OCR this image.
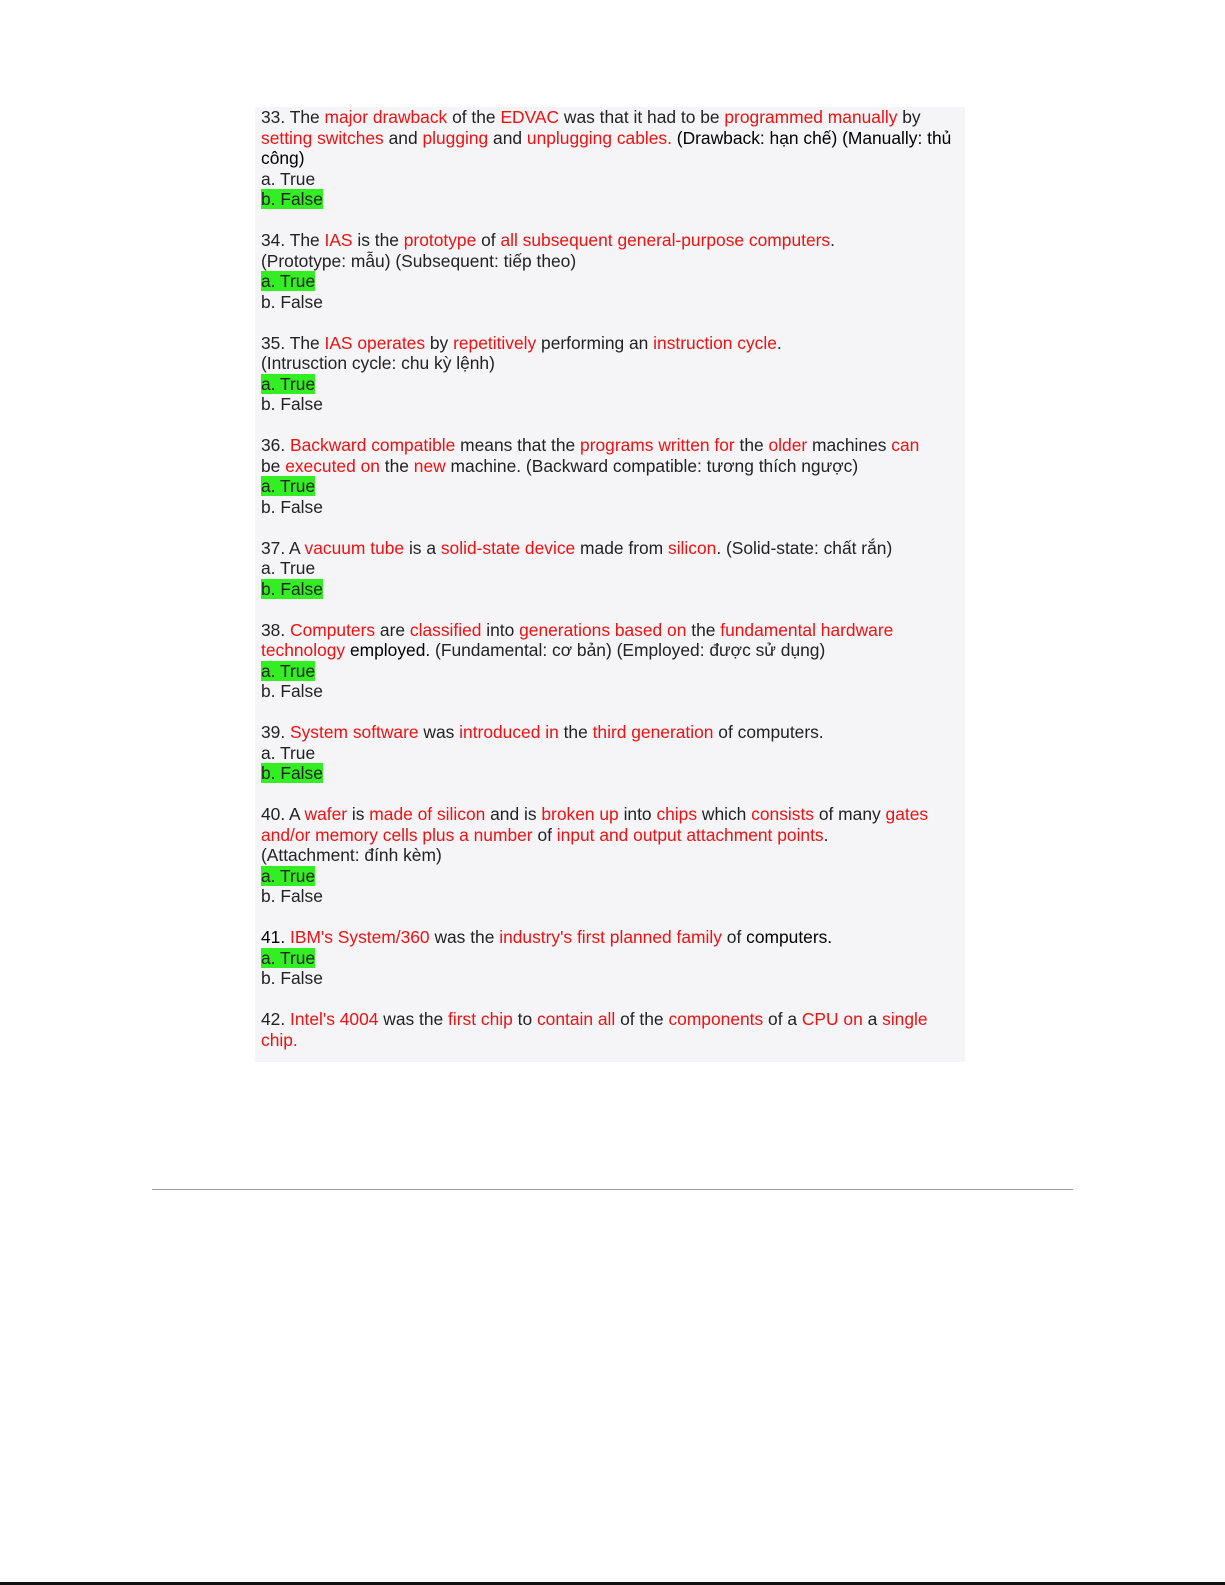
33. The major drawback of the EDVAC was that it had to be programmed manually by setting switches and plugging and unplugging cables. (Drawback: hạn chế) (Manually: thủ công)
a. True
b. False
34. The IAS is the prototype of all subsequent general-purpose computers.
(Prototype: mẫu) (Subsequent: tiếp theo)
a. True
b. False
35. The IAS operates by repetitively performing an instruction cycle.
(Intrusction cycle: chu kỳ lệnh)
a. True
b. False
36. Backward compatible means that the programs written for the older machines can
be executed on the new machine. (Backward compatible: tương thích ngược)
a. True
b. False
37. A vacuum tube is a solid-state device made from silicon. (Solid-state: chất rắn)
a. True
b. False
38. Computers are classified into generations based on the fundamental hardware
technology employed. (Fundamental: cơ bản) (Employed: được sử dụng)
a. True
b. False
39. System software was introduced in the third generation of computers.
a. True
b. False
40. A wafer is made of silicon and is broken up into chips which consists of many gates
and/or memory cells plus a number of input and output attachment points.
(Attachment: đính kèm)
a. True
b. False
41. IBM's System/360 was the industry's first planned family of computers.
a. True
b. False
42. Intel's 4004 was the first chip to contain all of the components of a CPU on a single
chip.
